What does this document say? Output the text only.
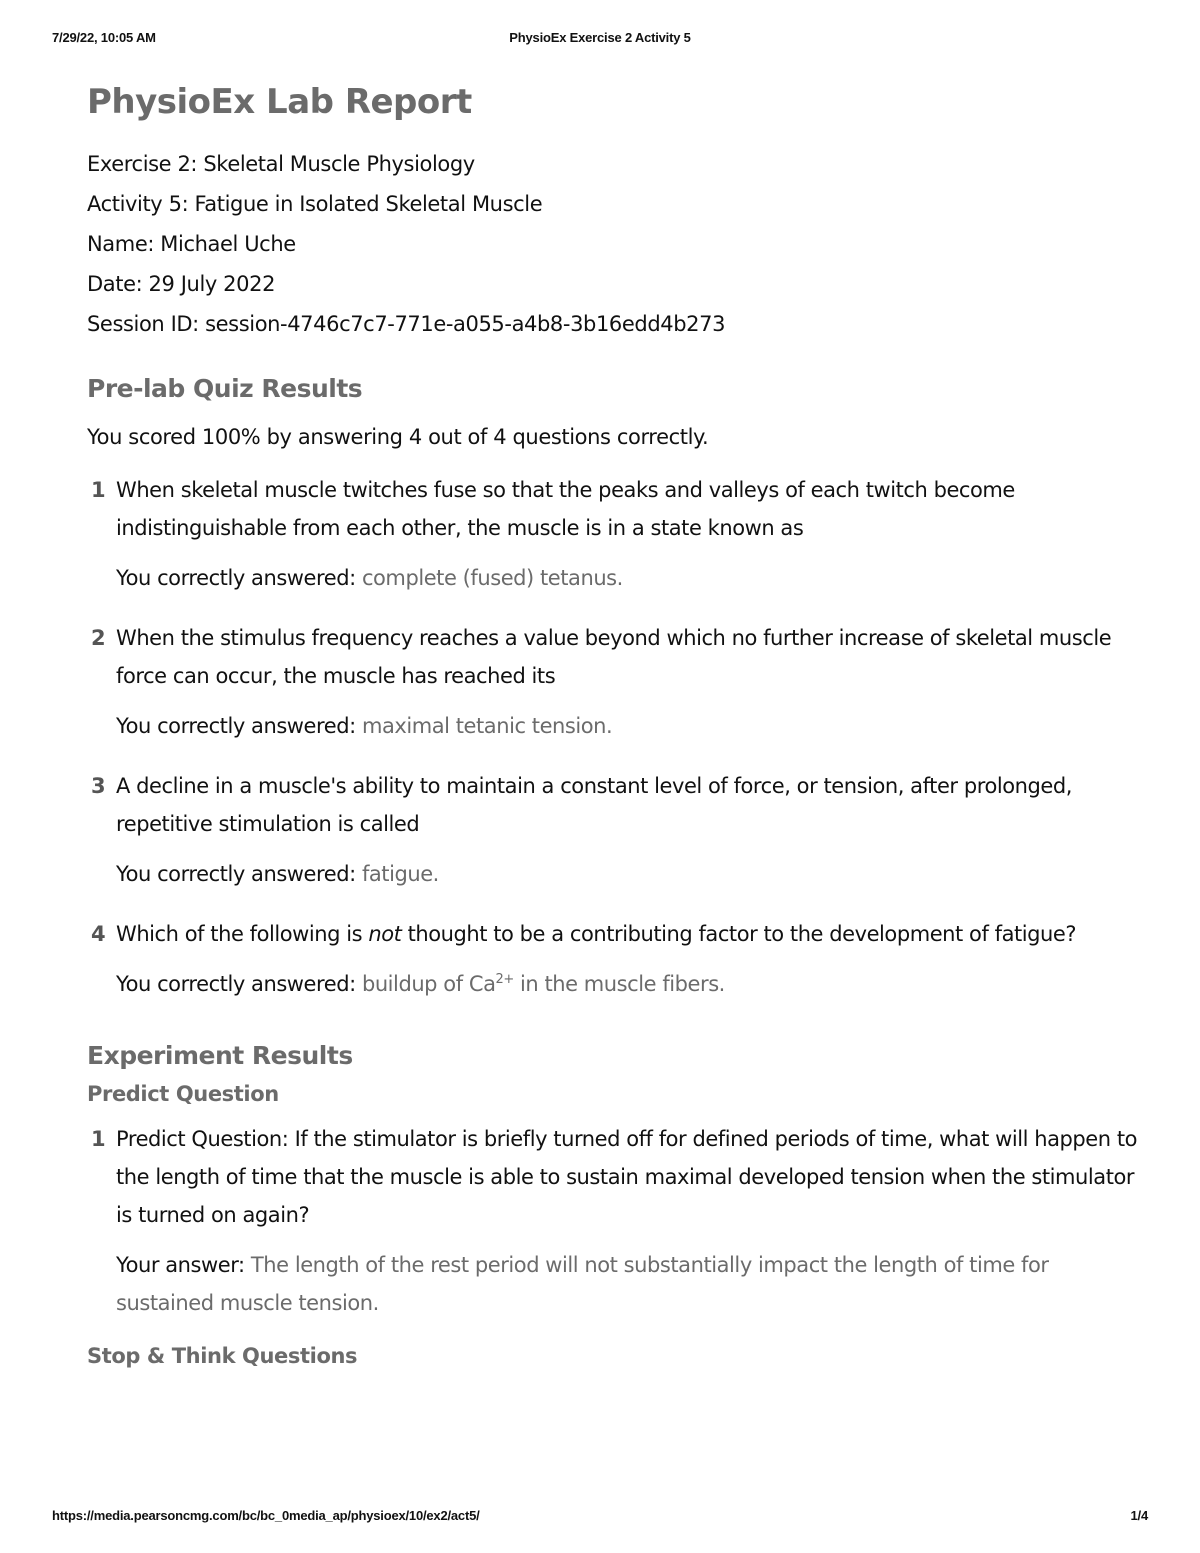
7/29/22, 10:05 AM	PhysioEx Exercise 2 Activity 5
PhysioEx Lab Report
Exercise 2: Skeletal Muscle Physiology
Activity 5: Fatigue in Isolated Skeletal Muscle
Name: Michael Uche
Date: 29 July 2022
Session ID: session-4746c7c7-771e-a055-a4b8-3b16edd4b273
Pre-lab Quiz Results
You scored 100% by answering 4 out of 4 questions correctly.
1 When skeletal muscle twitches fuse so that the peaks and valleys of each twitch become indistinguishable from each other, the muscle is in a state known as
You correctly answered: complete (fused) tetanus.
2 When the stimulus frequency reaches a value beyond which no further increase of skeletal muscle force can occur, the muscle has reached its
You correctly answered: maximal tetanic tension.
3 A decline in a muscle's ability to maintain a constant level of force, or tension, after prolonged, repetitive stimulation is called
You correctly answered: fatigue.
4 Which of the following is not thought to be a contributing factor to the development of fatigue?
You correctly answered: buildup of $Ca^{2+}$ in the muscle fibers.
Experiment Results
Predict Question
1 Predict Question: If the stimulator is briefly turned off for defined periods of time, what will happen to the length of time that the muscle is able to sustain maximal developed tension when the stimulator is turned on again?
Your answer: The length of the rest period will not substantially impact the length of time for sustained muscle tension.
Stop & Think Questions
https://media.pearsoncmg.com/bc/bc_0media_ap/physioex/10/ex2/act5/	1/4
